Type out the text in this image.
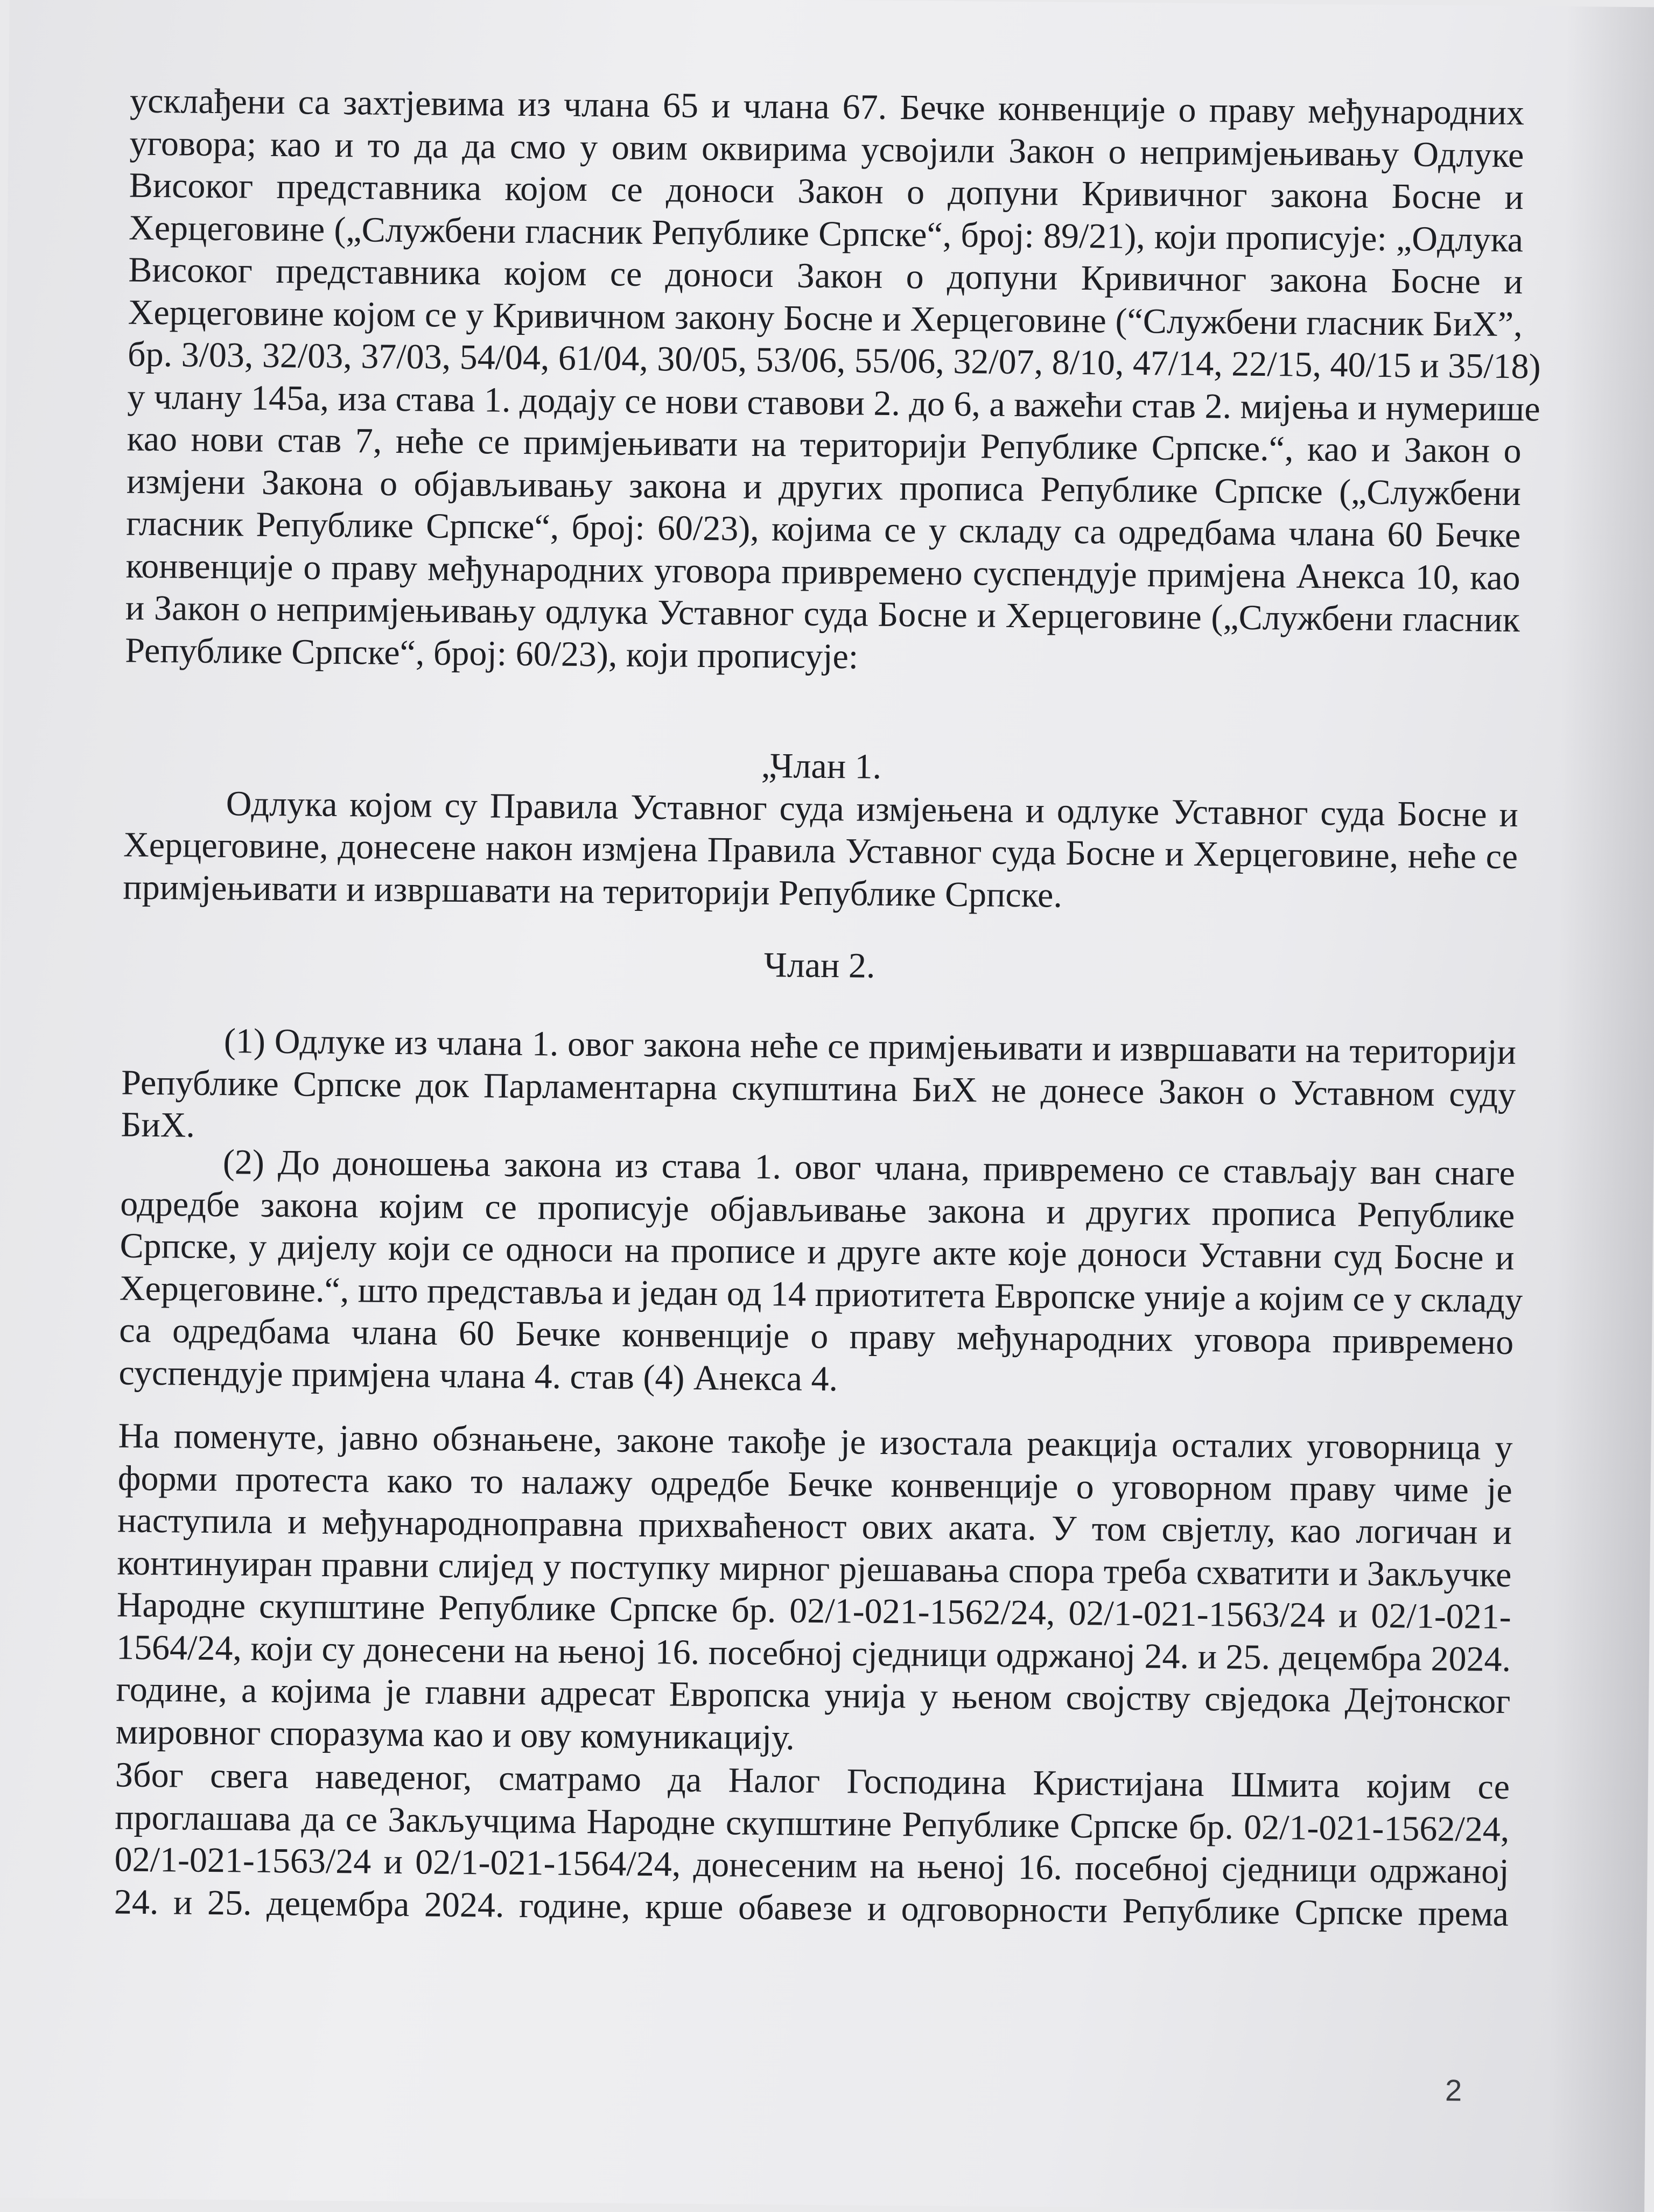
усклађени са захтјевима из члана 65 и члана 67. Бечке конвенције о праву међународних
уговора; као и то да да смо у овим оквирима усвојили Закон о непримјењивању Одлуке
Високог представника којом се доноси Закон о допуни Кривичног закона Босне и
Херцеговине („Службени гласник Републике Српске“, број: 89/21), који прописује: „Одлука
Високог представника којом се доноси Закон о допуни Кривичног закона Босне и
Херцеговине којом се у Кривичном закону Босне и Херцеговине (“Службени гласник БиХ”,
бр. 3/03, 32/03, 37/03, 54/04, 61/04, 30/05, 53/06, 55/06, 32/07, 8/10, 47/14, 22/15, 40/15 и 35/18)
у члану 145а, иза става 1. додају се нови ставови 2. до 6, а важећи став 2. мијења и нумерише
као нови став 7, неће се примјењивати на територији Републике Српске.“, као и Закон о
измјени Закона о објављивању закона и других прописа Републике Српске („Службени
гласник Републике Српске“, број: 60/23), којима се у складу са одредбама члана 60 Бечке
конвенције о праву међународних уговора привремено суспендује примјена Анекса 10, као
и Закон о непримјењивању одлука Уставног суда Босне и Херцеговине („Службени гласник
Републике Српске“, број: 60/23), који прописује:
„Члан 1.
Одлука којом су Правила Уставног суда измјењена и одлуке Уставног суда Босне и
Херцеговине, донесене након измјена Правила Уставног суда Босне и Херцеговине, неће се
примјењивати и извршавати на територији Републике Српске.
Члан 2.
(1) Одлуке из члана 1. овог закона неће се примјењивати и извршавати на територији
Републике Српске док Парламентарна скупштина БиХ не донесе Закон о Уставном суду
БиХ.
(2) До доношења закона из става 1. овог члана, привремено се стављају ван снаге
одредбе закона којим се прописује објављивање закона и других прописа Републике
Српске, у дијелу који се односи на прописе и друге акте које доноси Уставни суд Босне и
Херцеговине.“, што представља и један од 14 приотитета Европске уније а којим се у складу
са одредбама члана 60 Бечке конвенције о праву међународних уговора привремено
суспендује примјена члана 4. став (4) Анекса 4.
На поменуте, јавно обзнањене, законе такође је изостала реакција осталих уговорница у
форми протеста како то налажу одредбе Бечке конвенције о уговорном праву чиме је
наступила и међународноправна прихваћеност ових аката. У том свјетлу, као логичан и
континуиран правни слијед у поступку мирног рјешавања спора треба схватити и Закључке
Народне скупштине Републике Српске бр. 02/1-021-1562/24, 02/1-021-1563/24 и 02/1-021-
1564/24, који су донесени на њеној 16. посебној сједници одржаној 24. и 25. децембра 2024.
године, а којима је главни адресат Европска унија у њеном својству свједока Дејтонског
мировног споразума као и ову комуникацију.
Због свега наведеног, сматрамо да Налог Господина Кристијана Шмита којим се
проглашава да се Закључцима Народне скупштине Републике Српске бр. 02/1-021-1562/24,
02/1-021-1563/24 и 02/1-021-1564/24, донесеним на њеној 16. посебној сједници одржаној
24. и 25. децембра 2024. године, крше обавезе и одговорности Републике Српске према
2
